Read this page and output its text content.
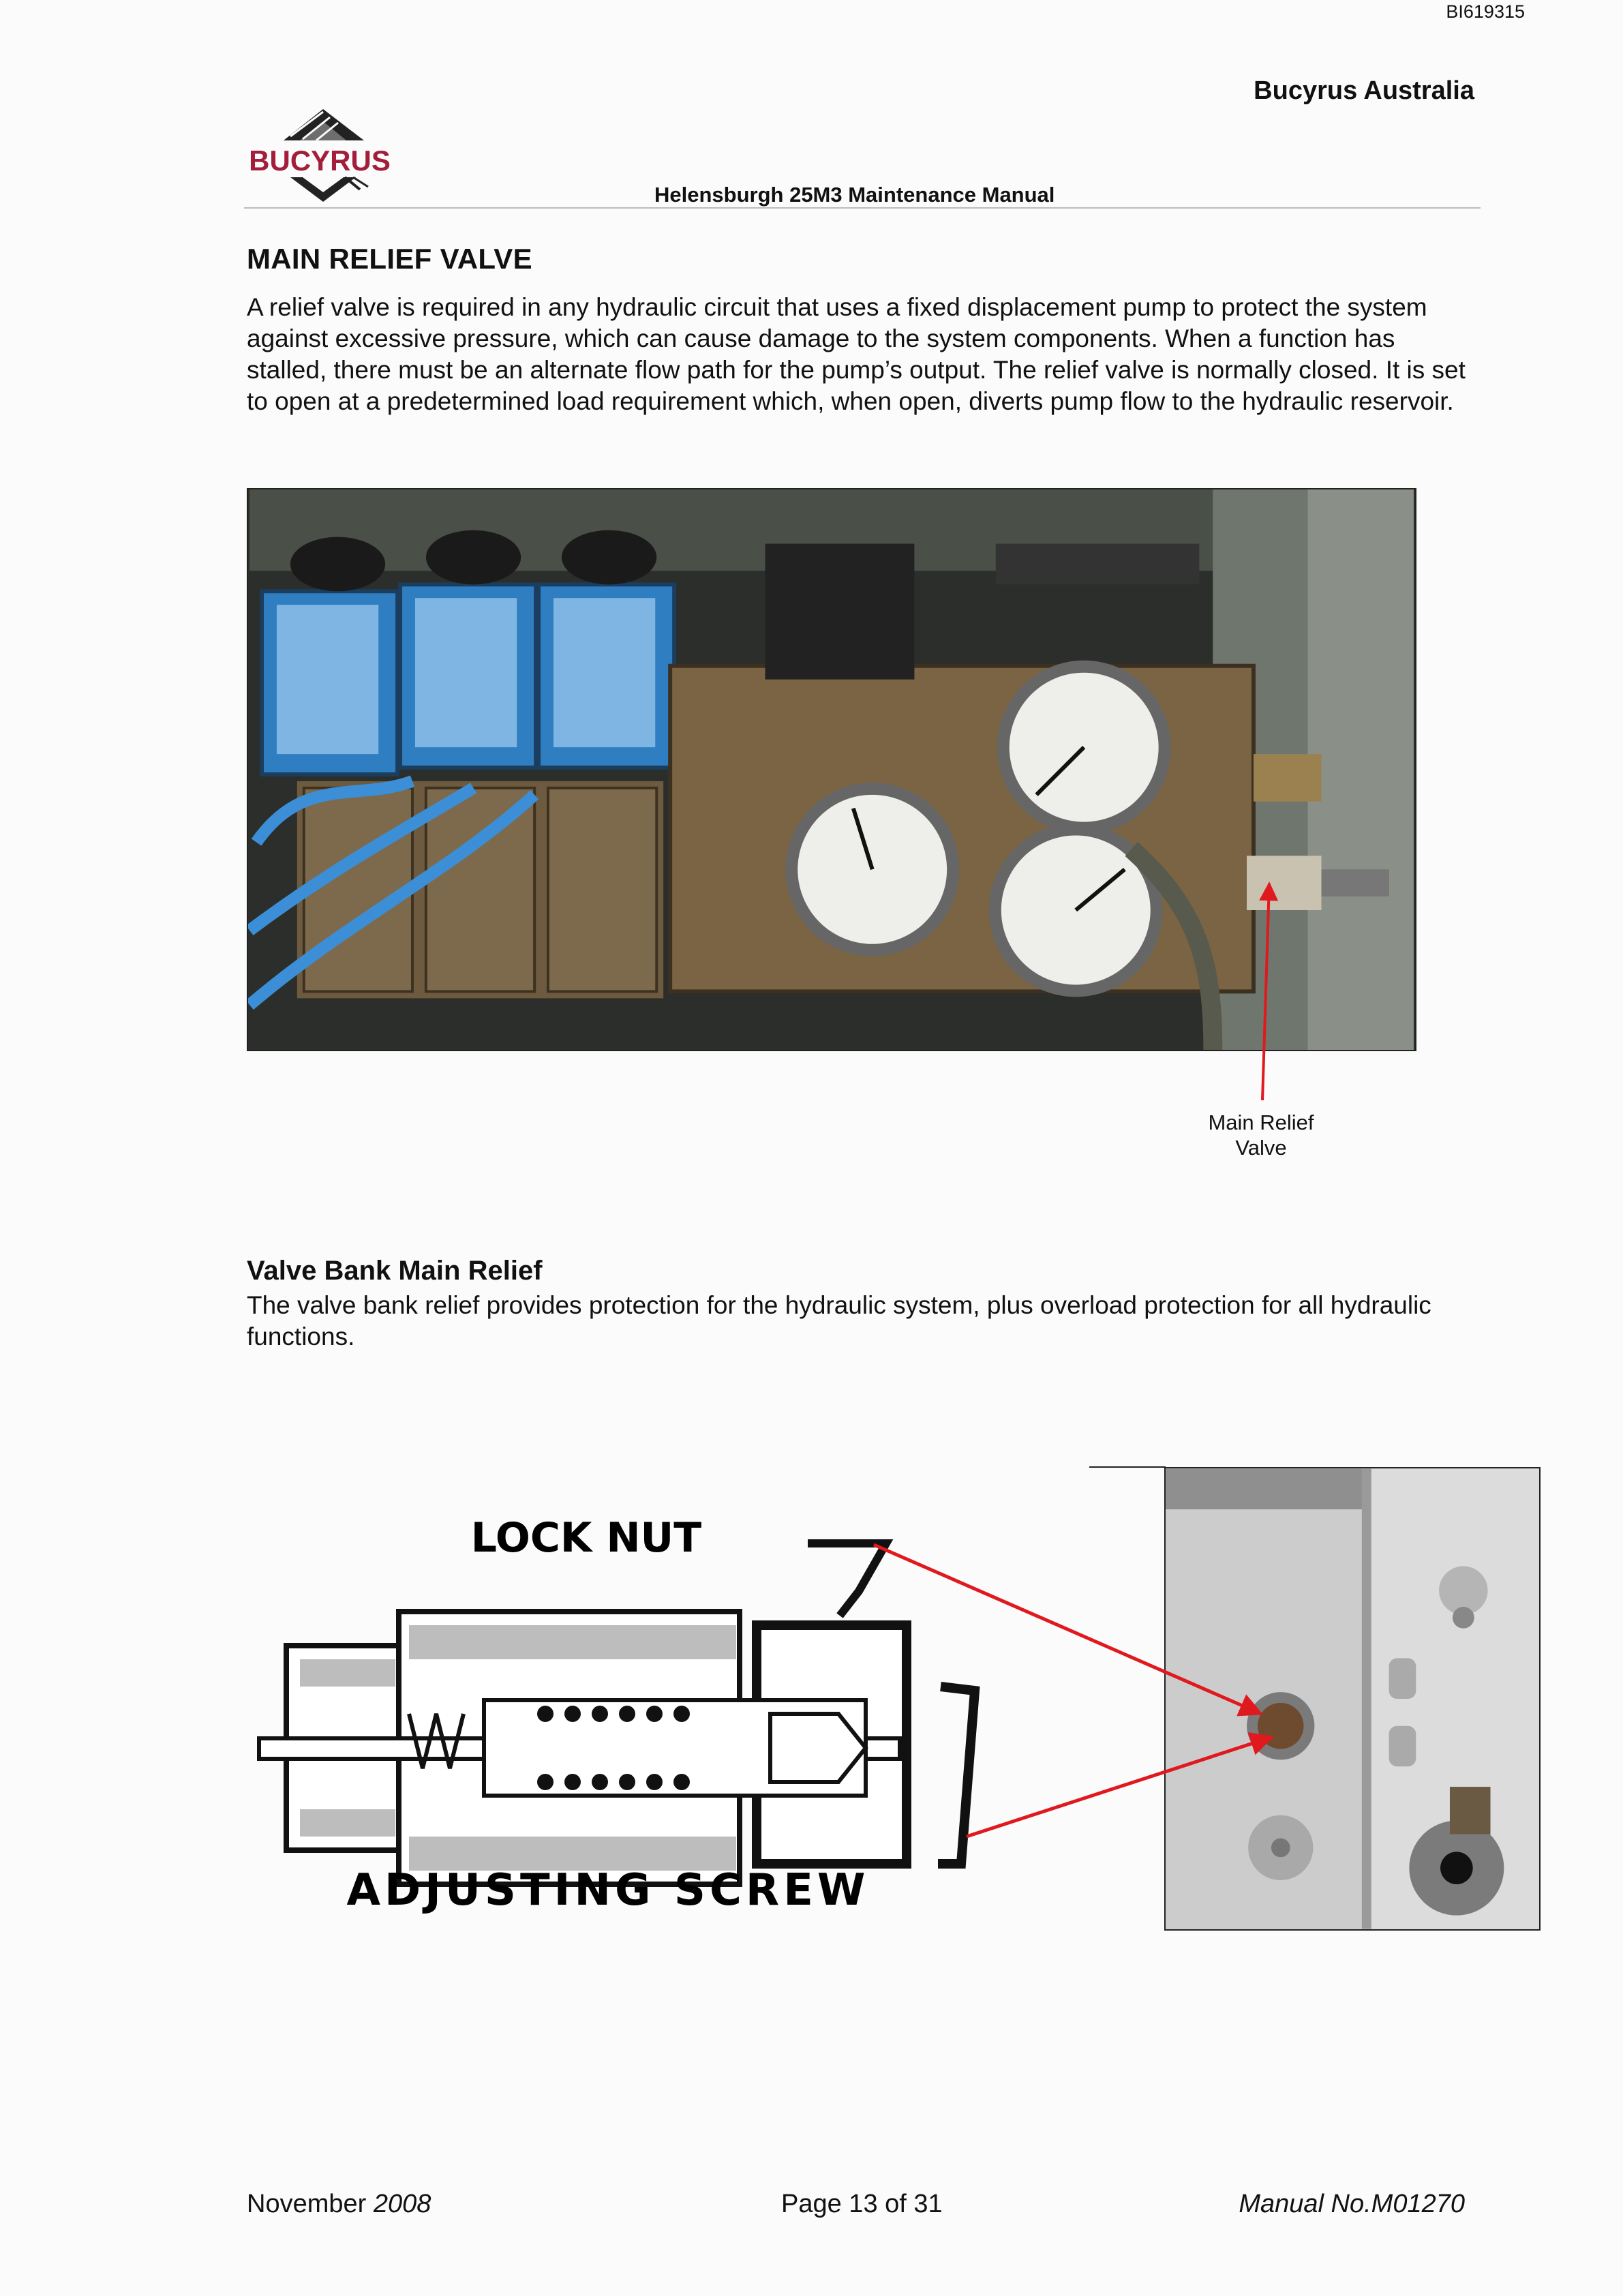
BI619315
Bucyrus Australia
BUCYRUS
Helensburgh 25M3 Maintenance Manual
MAIN RELIEF VALVE

A relief valve is required in any hydraulic circuit that uses a fixed displacement pump to protect the system against excessive pressure, which can cause damage to the system components. When a function has stalled, there must be an alternate flow path for the pump’s output. The relief valve is normally closed. It is set to open at a predetermined load requirement which, when open, diverts pump flow to the hydraulic reservoir.

Main Relief
Valve
Valve Bank Main Relief

The valve bank relief provides protection for the hydraulic system, plus overload protection for all hydraulic functions.

LOCK NUT
ADJUSTING SCREW
November 2008	Page 13 of 31	Manual No.M01270
